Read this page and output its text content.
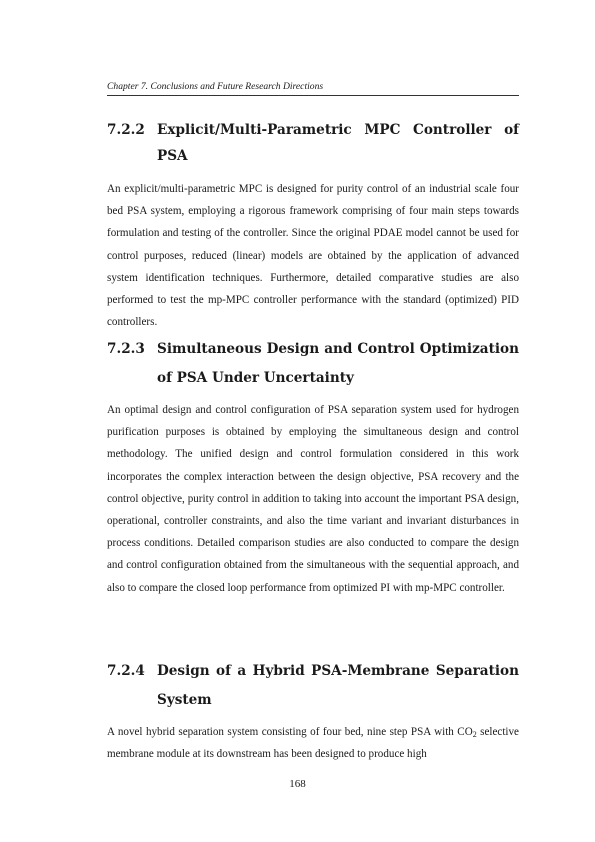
Chapter 7. Conclusions and Future Research Directions
7.2.2 Explicit/Multi-Parametric MPC Controller of PSA

An explicit/multi-parametric MPC is designed for purity control of an industrial scale four bed PSA system, employing a rigorous framework comprising of four main steps towards formulation and testing of the controller. Since the original PDAE model cannot be used for control purposes, reduced (linear) models are obtained by the application of advanced system identification techniques. Furthermore, detailed comparative studies are also performed to test the mp-MPC controller performance with the standard (optimized) PID controllers.

7.2.3 Simultaneous Design and Control Optimization of PSA Under Uncertainty

An optimal design and control configuration of PSA separation system used for hydrogen purification purposes is obtained by employing the simultaneous design and control methodology. The unified design and control formulation considered in this work incorporates the complex interaction between the design objective, PSA recovery and the control objective, purity control in addition to taking into account the important PSA design, operational, controller constraints, and also the time variant and invariant disturbances in process conditions. Detailed comparison studies are also conducted to compare the design and control configuration obtained from the simultaneous with the sequential approach, and also to compare the closed loop performance from optimized PI with mp-MPC controller.

7.2.4 Design of a Hybrid PSA-Membrane Separation System

A novel hybrid separation system consisting of four bed, nine step PSA with $CO_2$ selective membrane module at its downstream has been designed to produce high

168
